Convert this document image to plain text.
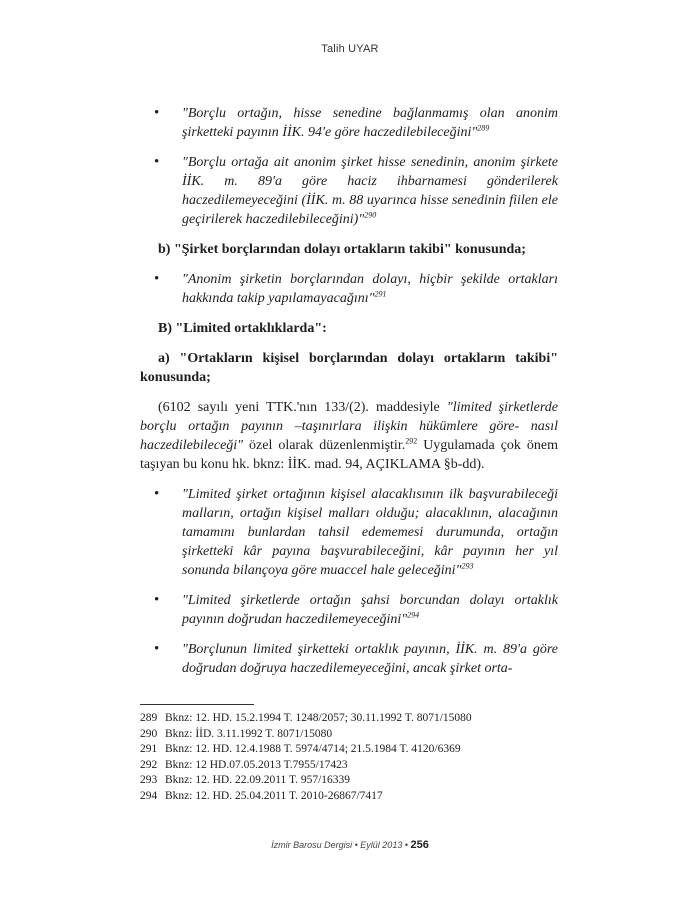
Talih UYAR
• "Borçlu ortağın, hisse senedine bağlanmamış olan anonim şirketteki payının İİK. 94'e göre haczedilebileceğini"$^{289}$
• "Borçlu ortağa ait anonim şirket hisse senedinin, anonim şirkete İİK. m. 89'a göre haciz ihbarnamesi gönderilerek haczedilemeyeceğini (İİK. m. 88 uyarınca hisse senedinin fiilen ele geçirilerek haczedilebileceğini)"$^{290}$
b) "Şirket borçlarından dolayı ortakların takibi" konusunda;
• "Anonim şirketin borçlarından dolayı, hiçbir şekilde ortakları hakkında takip yapılamayacağını"$^{291}$
B) "Limited ortaklıklarda":
a) "Ortakların kişisel borçlarından dolayı ortakların takibi" konusunda;

(6102 sayılı yeni TTK.'nın 133/(2). maddesiyle "limited şirketlerde borçlu ortağın payının –taşınırlara ilişkin hükümlere göre- nasıl haczedilebileceği" özel olarak düzenlenmiştir.$^{292}$ Uygulamada çok önem taşıyan bu konu hk. bknz: İİK. mad. 94, AÇIKLAMA §b-dd).

• "Limited şirket ortağının kişisel alacaklısının ilk başvurabileceği malların, ortağın kişisel malları olduğu; alacaklının, alacağının tamamını bunlardan tahsil edememesi durumunda, ortağın şirketteki kâr payına başvurabileceğini, kâr payının her yıl sonunda bilançoya göre muaccel hale geleceğini"$^{293}$
• "Limited şirketlerde ortağın şahsi borcundan dolayı ortaklık payının doğrudan haczedilemeyeceğini"$^{294}$
• "Borçlunun limited şirketteki ortaklık payının, İİK. m. 89'a göre doğrudan doğruya haczedilemeyeceğini, ancak şirket orta-
289 Bknz: 12. HD. 15.2.1994 T. 1248/2057; 30.11.1992 T. 8071/15080
290 Bknz: İİD. 3.11.1992 T. 8071/15080
291 Bknz: 12. HD. 12.4.1988 T. 5974/4714; 21.5.1984 T. 4120/6369
292 Bknz: 12 HD.07.05.2013 T.7955/17423
293 Bknz: 12. HD. 22.09.2011 T. 957/16339
294 Bknz: 12. HD. 25.04.2011 T. 2010-26867/7417
İzmir Barosu Dergisi • Eylül 2013 • 256
